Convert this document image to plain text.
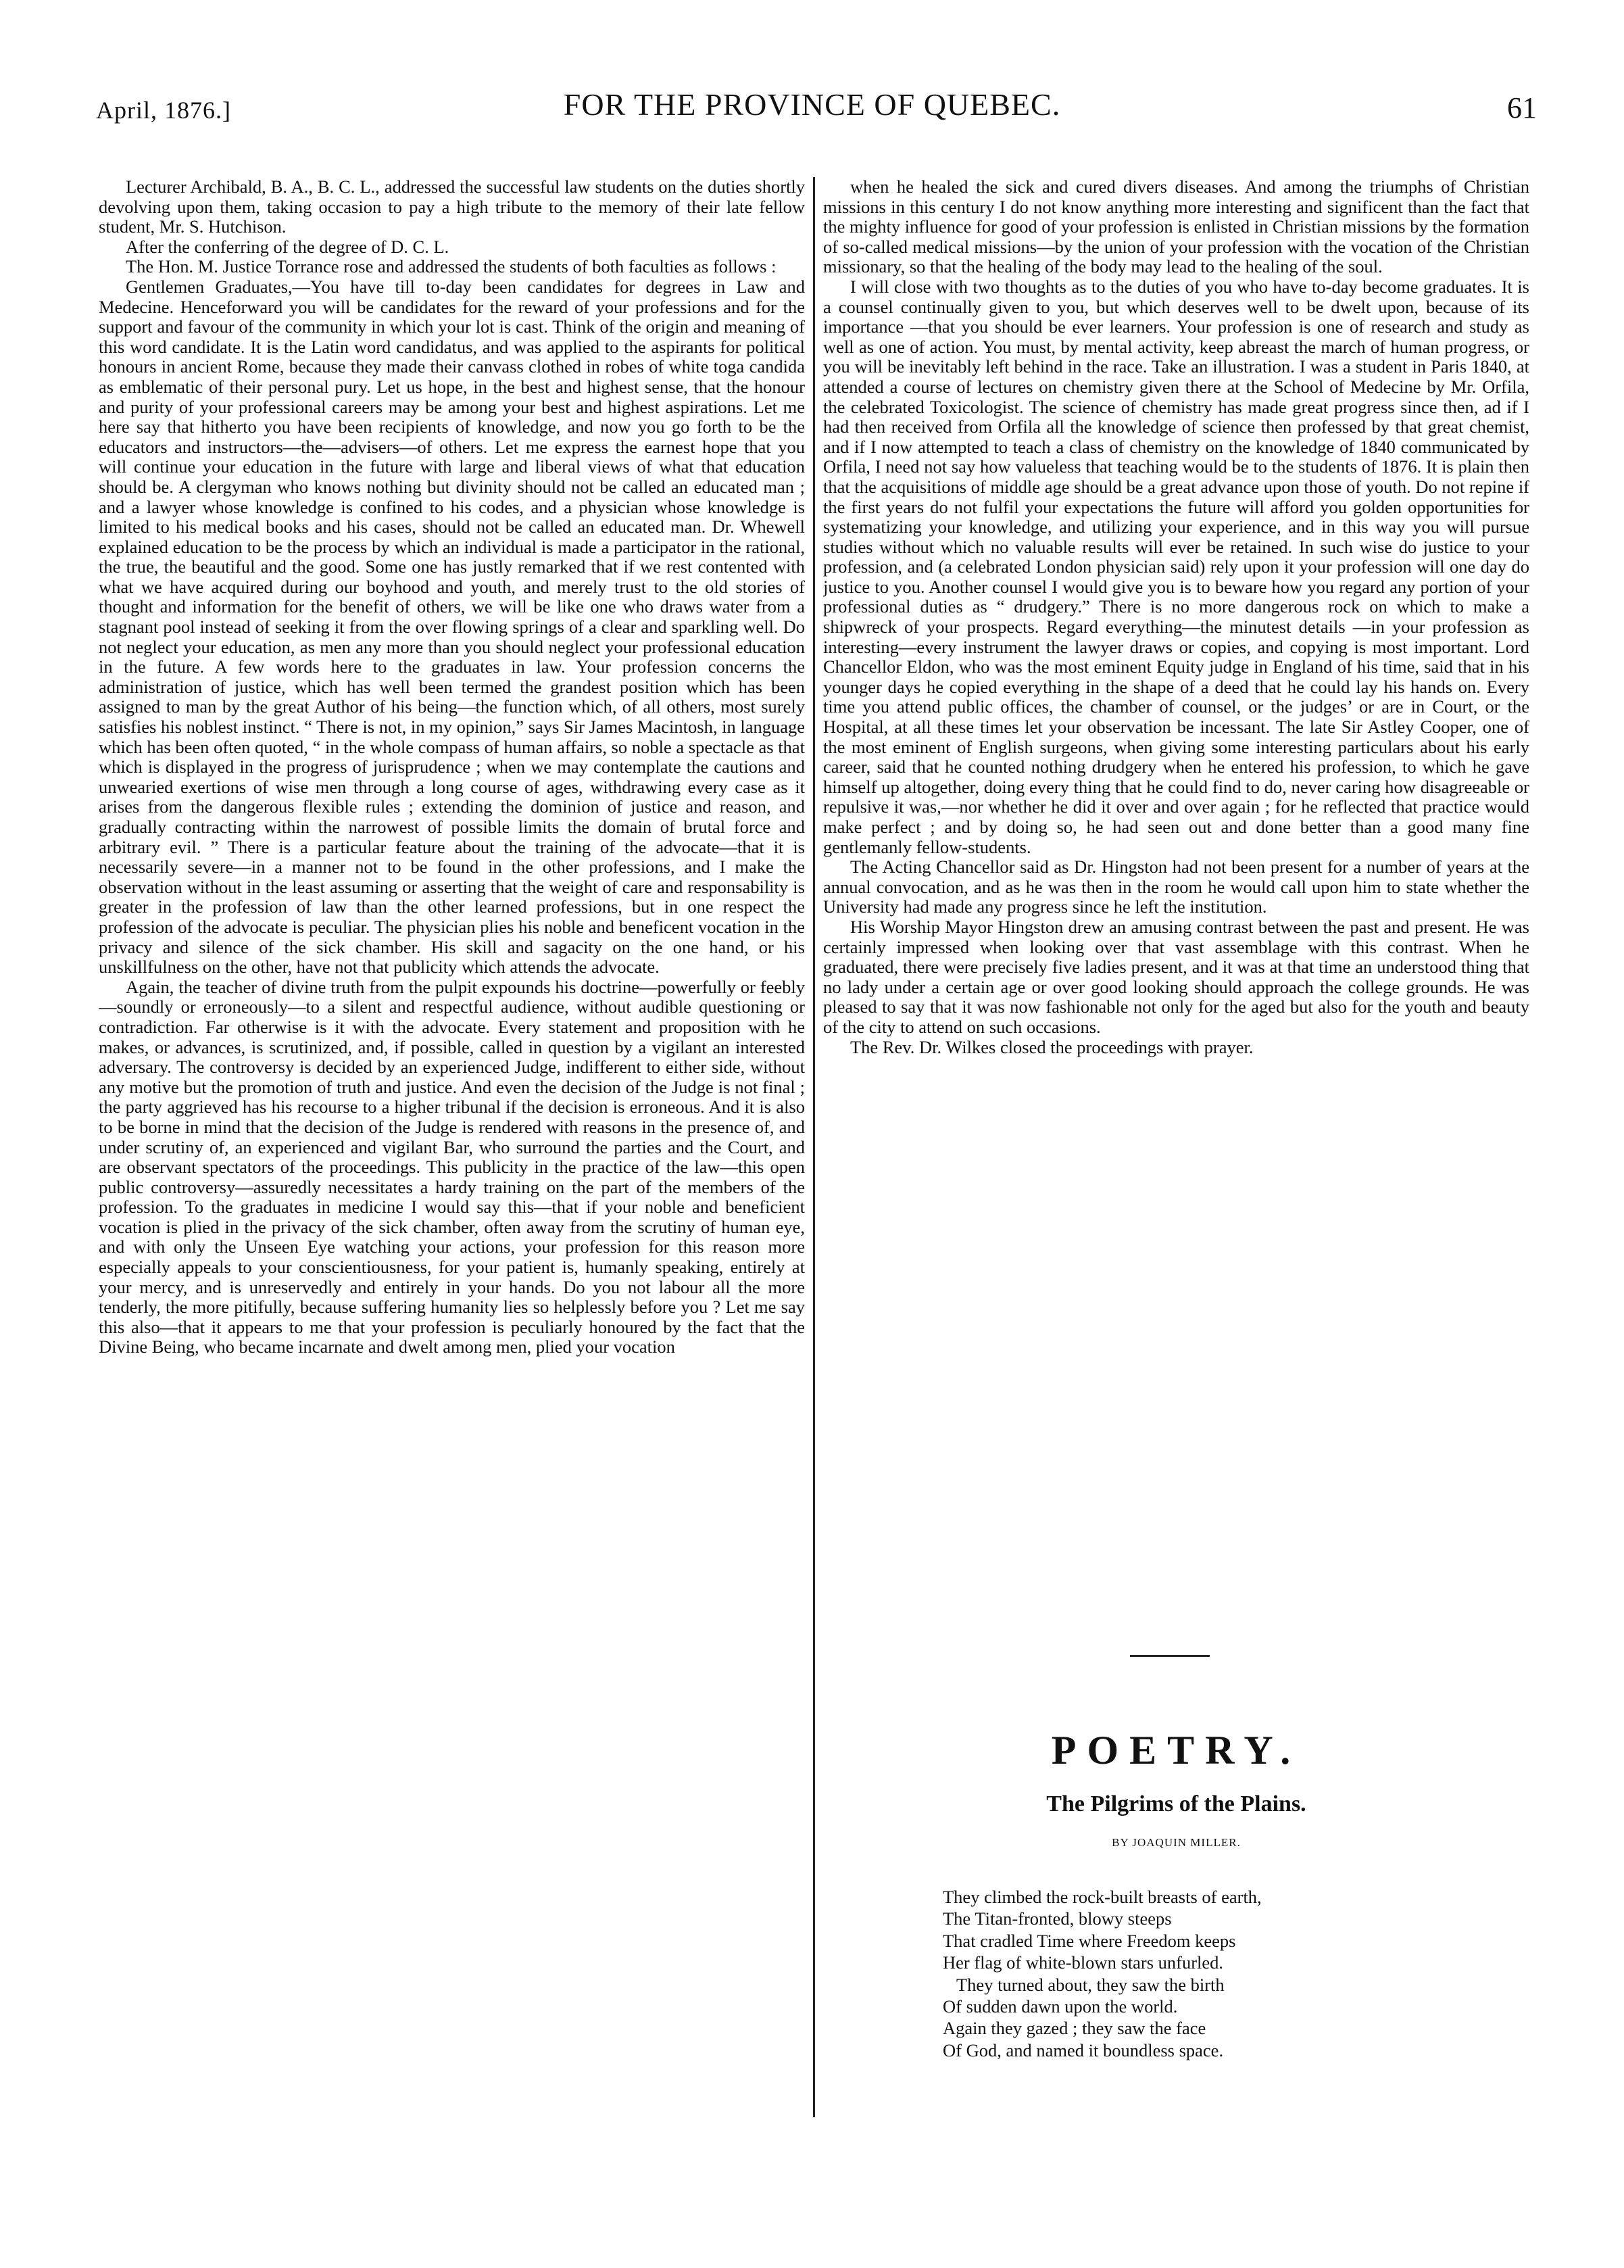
April, 1876.]	FOR THE PROVINCE OF QUEBEC.	61

Lecturer Archibald, B. A., B. C. L., addressed the successful law students on the duties shortly devolving upon them, taking occasion to pay a high tribute to the memory of their late fellow student, Mr. S. Hutchison.

After the conferring of the degree of D. C. L.

The Hon. M. Justice Torrance rose and addressed the students of both faculties as follows :

Gentlemen Graduates,—You have till to-day been candidates for degrees in Law and Medecine. Henceforward you will be candidates for the reward of your professions and for the support and favour of the community in which your lot is cast. Think of the origin and meaning of this word candidate. It is the Latin word candidatus, and was applied to the aspirants for political honours in ancient Rome, because they made their canvass clothed in robes of white toga candida as emblematic of their personal pury. Let us hope, in the best and highest sense, that the honour and purity of your professional careers may be among your best and highest aspirations. Let me here say that hitherto you have been recipients of knowledge, and now you go forth to be the educators and instructors—the—advisers—of others. Let me express the earnest hope that you will continue your education in the future with large and liberal views of what that education should be. A clergyman who knows nothing but divinity should not be called an educated man ; and a lawyer whose knowledge is confined to his codes, and a physician whose knowledge is limited to his medical books and his cases, should not be called an educated man. Dr. Whewell explained education to be the process by which an individual is made a participator in the rational, the true, the beautiful and the good. Some one has justly remarked that if we rest contented with what we have acquired during our boyhood and youth, and merely trust to the old stories of thought and information for the benefit of others, we will be like one who draws water from a stagnant pool instead of seeking it from the over flowing springs of a clear and sparkling well. Do not neglect your education, as men any more than you should neglect your professional education in the future. A few words here to the graduates in law. Your profession concerns the administration of justice, which has well been termed the grandest position which has been assigned to man by the great Author of his being—the function which, of all others, most surely satisfies his noblest instinct. “ There is not, in my opinion,” says Sir James Macintosh, in language which has been often quoted, “ in the whole compass of human affairs, so noble a spectacle as that which is displayed in the progress of jurisprudence ; when we may contemplate the cautions and unwearied exertions of wise men through a long course of ages, withdrawing every case as it arises from the dangerous flexible rules ; extending the dominion of justice and reason, and gradually contracting within the narrowest of possible limits the domain of brutal force and arbitrary evil. ” There is a particular feature about the training of the advocate—that it is necessarily severe—in a manner not to be found in the other professions, and I make the observation without in the least assuming or asserting that the weight of care and responsability is greater in the profession of law than the other learned professions, but in one respect the profession of the advocate is peculiar. The physician plies his noble and beneficent vocation in the privacy and silence of the sick chamber. His skill and sagacity on the one hand, or his unskillfulness on the other, have not that publicity which attends the advocate.

Again, the teacher of divine truth from the pulpit expounds his doctrine—powerfully or feebly—soundly or erroneously—to a silent and respectful audience, without audible questioning or contradiction. Far otherwise is it with the advocate. Every statement and proposition with he makes, or advances, is scrutinized, and, if possible, called in question by a vigilant an interested adversary. The controversy is decided by an experienced Judge, indifferent to either side, without any motive but the promotion of truth and justice. And even the decision of the Judge is not final ; the party aggrieved has his recourse to a higher tribunal if the decision is erroneous. And it is also to be borne in mind that the decision of the Judge is rendered with reasons in the presence of, and under scrutiny of, an experienced and vigilant Bar, who surround the parties and the Court, and are observant spectators of the proceedings. This publicity in the practice of the law—this open public controversy—assuredly necessitates a hardy training on the part of the members of the profession. To the graduates in medicine I would say this—that if your noble and beneficient vocation is plied in the privacy of the sick chamber, often away from the scrutiny of human eye, and with only the Unseen Eye watching your actions, your profession for this reason more especially appeals to your conscientiousness, for your patient is, humanly speaking, entirely at your mercy, and is unreservedly and entirely in your hands. Do you not labour all the more tenderly, the more pitifully, because suffering humanity lies so helplessly before you ? Let me say this also—that it appears to me that your profession is peculiarly honoured by the fact that the Divine Being, who became incarnate and dwelt among men, plied your vocation

when he healed the sick and cured divers diseases. And among the triumphs of Christian missions in this century I do not know anything more interesting and significent than the fact that the mighty influence for good of your profession is enlisted in Christian missions by the formation of so-called medical missions—by the union of your profession with the vocation of the Christian missionary, so that the healing of the body may lead to the healing of the soul.

I will close with two thoughts as to the duties of you who have to-day become graduates. It is a counsel continually given to you, but which deserves well to be dwelt upon, because of its importance —that you should be ever learners. Your profession is one of research and study as well as one of action. You must, by mental activity, keep abreast the march of human progress, or you will be inevitably left behind in the race. Take an illustration. I was a student in Paris 1840, at attended a course of lectures on chemistry given there at the School of Medecine by Mr. Orfila, the celebrated Toxicologist. The science of chemistry has made great progress since then, ad if I had then received from Orfila all the knowledge of science then professed by that great chemist, and if I now attempted to teach a class of chemistry on the knowledge of 1840 communicated by Orfila, I need not say how valueless that teaching would be to the students of 1876. It is plain then that the acquisitions of middle age should be a great advance upon those of youth. Do not repine if the first years do not fulfil your expectations the future will afford you golden opportunities for systematizing your knowledge, and utilizing your experience, and in this way you will pursue studies without which no valuable results will ever be retained. In such wise do justice to your profession, and (a celebrated London physician said) rely upon it your profession will one day do justice to you. Another counsel I would give you is to beware how you regard any portion of your professional duties as “ drudgery.” There is no more dangerous rock on which to make a shipwreck of your prospects. Regard everything—the minutest details —in your profession as interesting—every instrument the lawyer draws or copies, and copying is most important. Lord Chancellor Eldon, who was the most eminent Equity judge in England of his time, said that in his younger days he copied everything in the shape of a deed that he could lay his hands on. Every time you attend public offices, the chamber of counsel, or the judges’ or are in Court, or the Hospital, at all these times let your observation be incessant. The late Sir Astley Cooper, one of the most eminent of English surgeons, when giving some interesting particulars about his early career, said that he counted nothing drudgery when he entered his profession, to which he gave himself up altogether, doing every thing that he could find to do, never caring how disagreeable or repulsive it was,—nor whether he did it over and over again ; for he reflected that practice would make perfect ; and by doing so, he had seen out and done better than a good many fine gentlemanly fellow-students.

The Acting Chancellor said as Dr. Hingston had not been present for a number of years at the annual convocation, and as he was then in the room he would call upon him to state whether the University had made any progress since he left the institution.

His Worship Mayor Hingston drew an amusing contrast between the past and present. He was certainly impressed when looking over that vast assemblage with this contrast. When he graduated, there were precisely five ladies present, and it was at that time an understood thing that no lady under a certain age or over good looking should approach the college grounds. He was pleased to say that it was now fashionable not only for the aged but also for the youth and beauty of the city to attend on such occasions.

The Rev. Dr. Wilkes closed the proceedings with prayer.

POETRY.
The Pilgrims of the Plains.
BY JOAQUIN MILLER.
They climbed the rock-built breasts of earth,
The Titan-fronted, blowy steeps
That cradled Time where Freedom keeps
Her flag of white-blown stars unfurled.
They turned about, they saw the birth
Of sudden dawn upon the world.
Again they gazed ; they saw the face
Of God, and named it boundless space.
